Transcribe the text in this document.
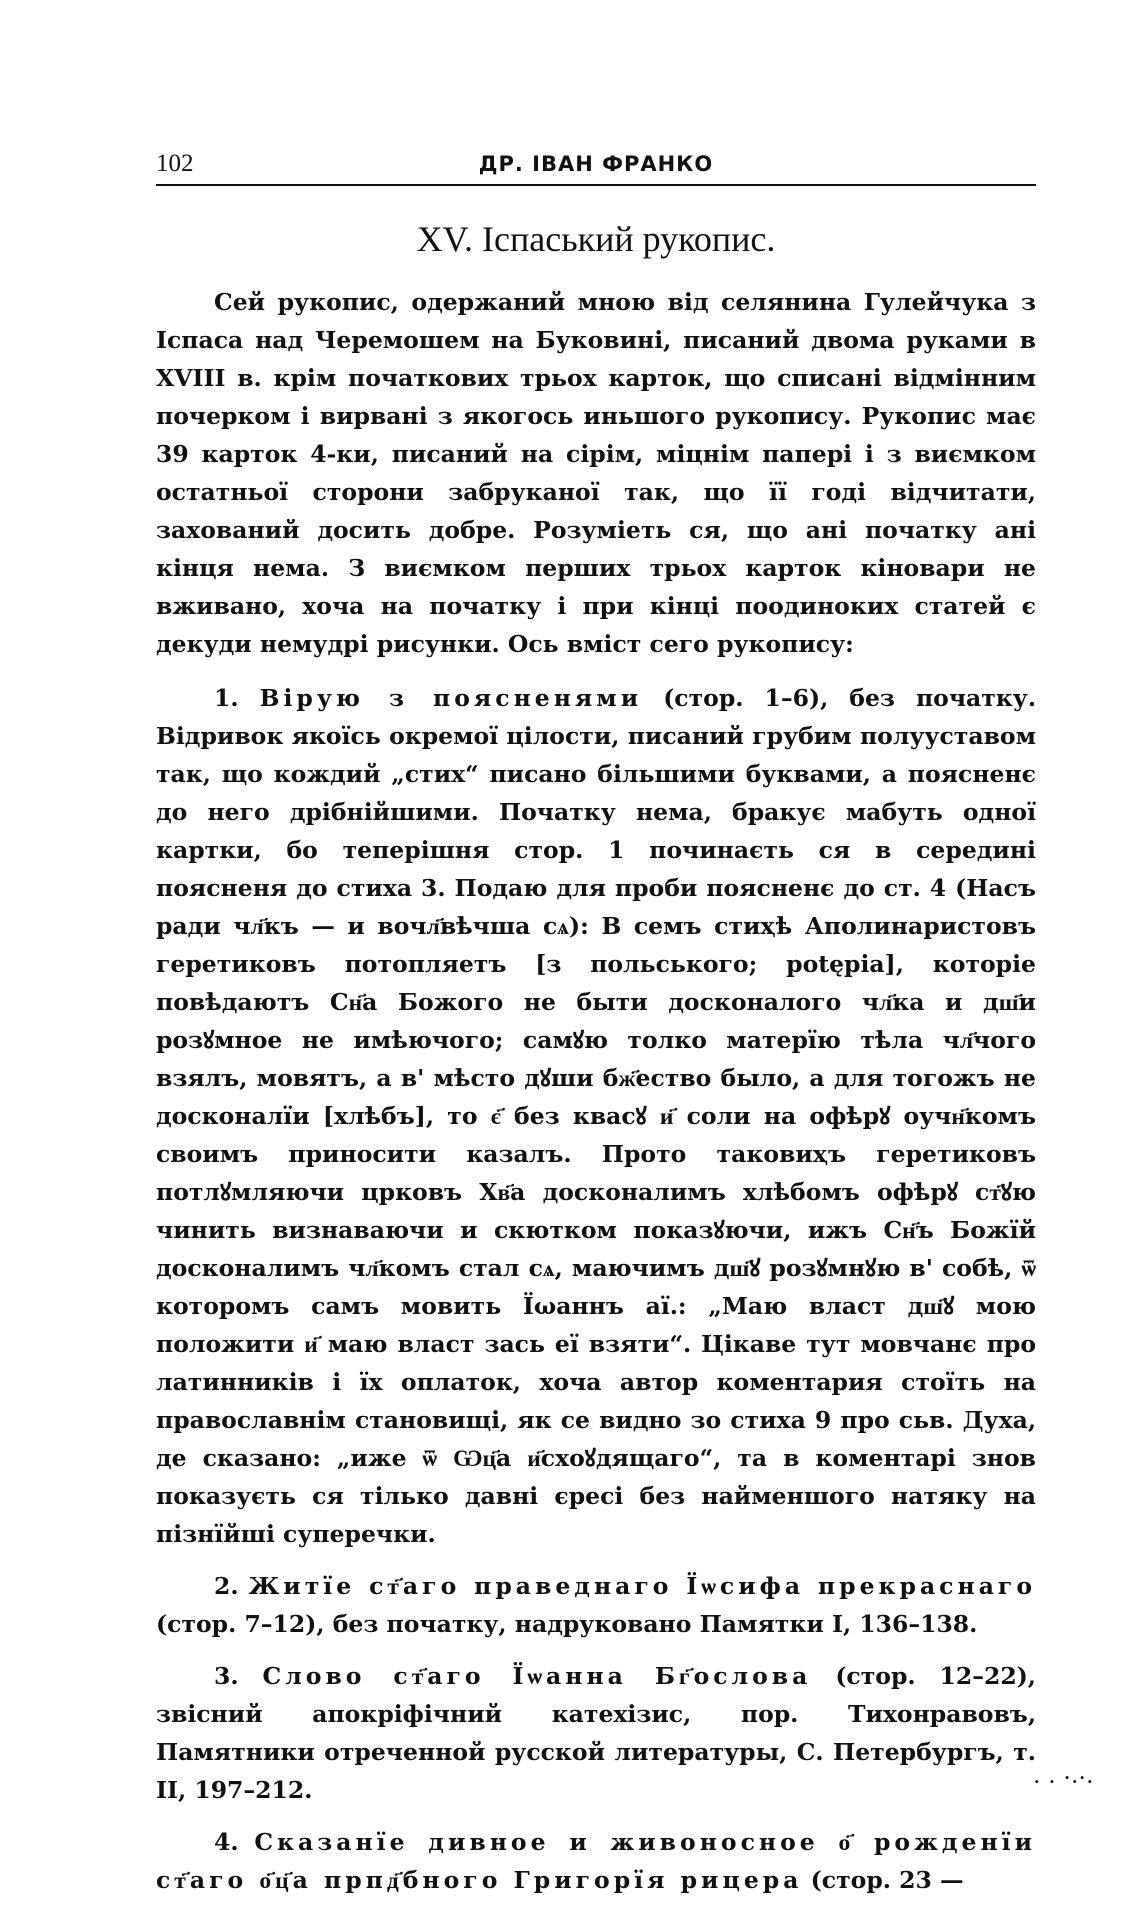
102	ДР. ІВАН ФРАНКО
XV. Іспаський рукопис.

Сей рукопис, одержаний мною від селянина Гулейчука з Іспаса над Черемошем на Буковині, писаний двома руками в XVIII в. крім початкових трьох карток, що списані відмінним почерком і вирвані з якогось иньшого рукопису. Рукопис має 39 карток 4-ки, писаний на сірім, міцнім папері і з виємком остатньої сторони забруканої так, що її годі відчитати, захований досить добре. Розуміеть ся, що ані початку ані кінця нема. З виємком перших трьох карток кіновари не вживано, хоча на початку і при кінці поодиноких статей є декуди немудрі рисунки. Ось вміст сего рукопису:

1. Вірую з поясненями (стор. 1–6), без початку. Відривок якоїсь окремої цілости, писаний грубим полууставом так, що кождий „стих“ писано більшими буквами, а поясненє до него дрібнійшими. Початку нема, бракує мабуть одної картки, бо теперішня стор. 1 починаєть ся в середині поясненя до стиха 3. Подаю для проби поясненє до ст. 4 (Насъ ради чл҃къ — и вочл҃вѣчша сѧ): В семъ стиҳѣ Аполинаристовъ геретиковъ потопляетъ [з польського; potępia], которіе повѣдаютъ Сн҃а Божого не быти досконалого чл҃ка и дш҃и розꙋмное не имѣючого; самꙋю толко матерїю тѣла чл҃чого взялъ, мовятъ, а в' мѣсто дꙋши бж҃ество было, а для тогожъ не досконалїи [хлѣбъ], то є҃ без квасꙋ и҃ соли на офѣрꙋ оучн҃комъ своимъ приносити казалъ. Прото таковиҳъ геретиковъ потлꙋмляючи црковъ Хв҃а досконалимъ хлѣбомъ офѣрꙋ ст҃ꙋю чинить визнаваючи и скютком показꙋючи, ижъ Сн҃ъ Божїй досконалимъ чл҃комъ стал сѧ, маючимъ дш҃ꙋ розꙋмнꙋю в' собѣ, ѿ которомъ самъ мовить Їωаннъ аї.: „Маю власт дш҃ꙋ мою положити и҃ маю власт зась еї взяти“. Цікаве тут мовчанє про латинників і їх оплаток, хоча автор коментария стоїть на православнім становищі, як се видно зо стиха 9 про сьв. Духа, де сказано: „иже ѿ Ѡц҃а и҃схоꙋдящаго“, та в коментарі знов показуєть ся тілько давні єресі без найменшого натяку на пізнїйші суперечки.

2. Житїе ст҃аго праведнаго Їѡсифа прекраснаго (стор. 7–12), без початку, надруковано Памятки I, 136–138.

3. Слово ст҃аго Їѡанна Бг҃ослова (стор. 12–22), звісний апокріфічний катехізис, пор. Тихонравовъ, Памятники отреченной русской литературы, С. Петербургъ, т. II, 197–212.

4. Сказанїе дивное и живоносное о҃ рожденїи ст҃аго о҃ц҃а прпд҃бного Григорїя рицера (стор. 23 —

. . ·.·.
